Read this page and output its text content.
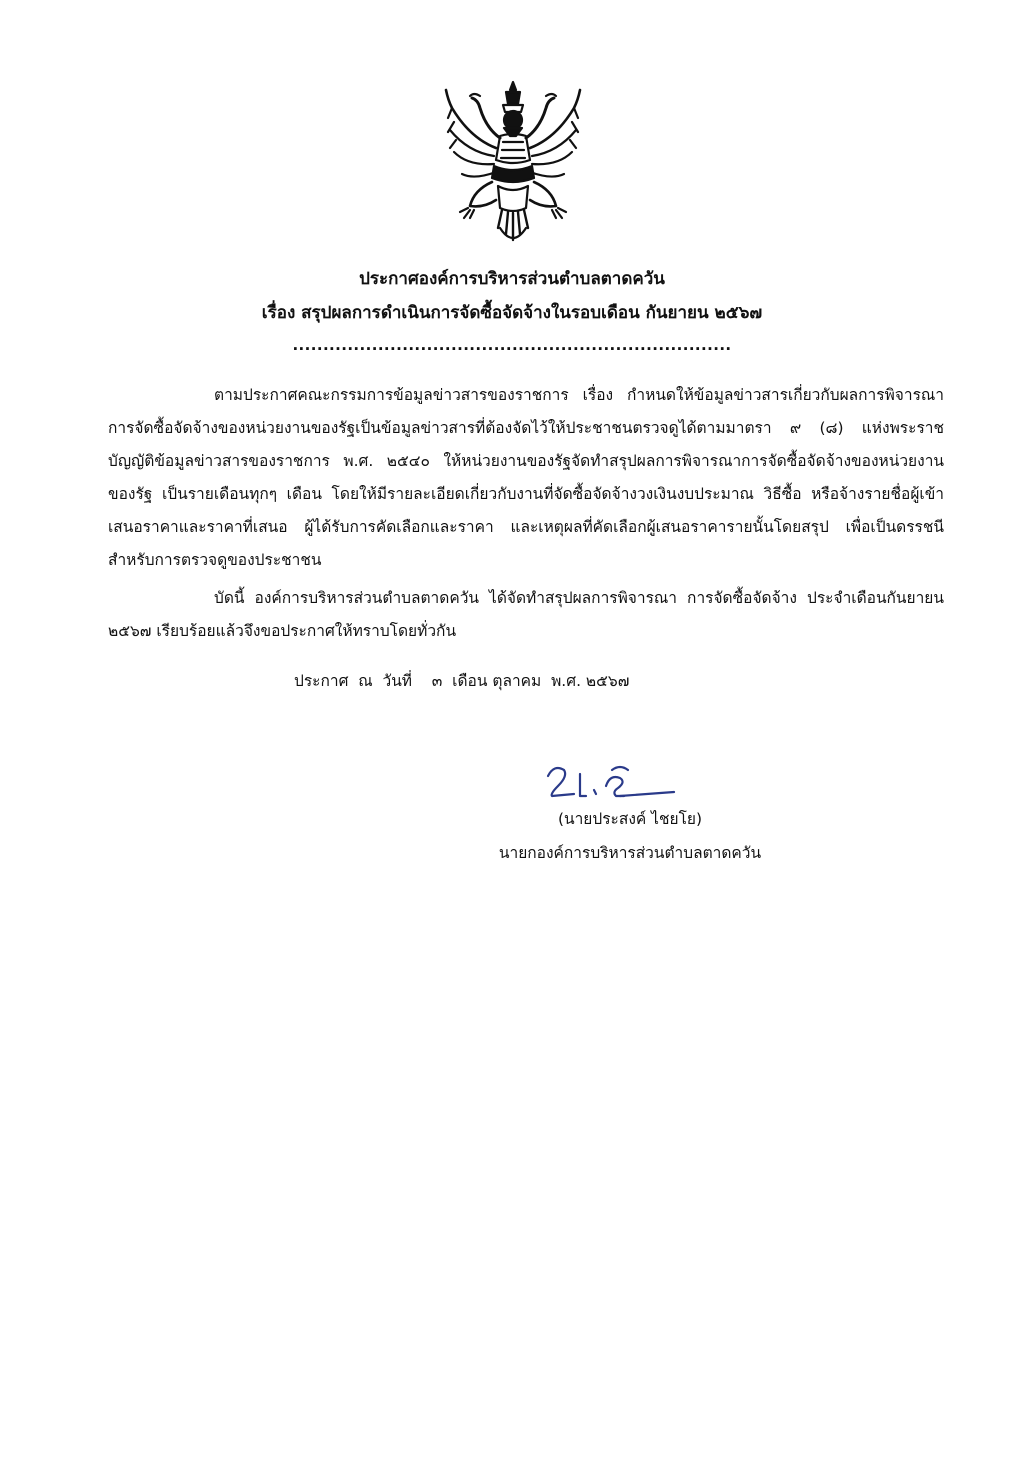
ประกาศองค์การบริหารส่วนตำบลตาดควัน
เรื่อง สรุปผลการดำเนินการจัดซื้อจัดจ้างในรอบเดือน กันยายน ๒๕๖๗
........................................................................

ตามประกาศคณะกรรมการข้อมูลข่าวสารของราชการ เรื่อง กำหนดให้ข้อมูลข่าวสารเกี่ยวกับผลการพิจารณาการจัดซื้อจัดจ้างของหน่วยงานของรัฐเป็นข้อมูลข่าวสารที่ต้องจัดไว้ให้ประชาชนตรวจดูได้ตามมาตรา ๙ (๘) แห่งพระราชบัญญัติข้อมูลข่าวสารของราชการ พ.ศ. ๒๕๔๐ ให้หน่วยงานของรัฐจัดทำสรุปผลการพิจารณาการจัดซื้อจัดจ้างของหน่วยงานของรัฐ เป็นรายเดือนทุกๆ เดือน โดยให้มีรายละเอียดเกี่ยวกับงานที่จัดซื้อจัดจ้างวงเงินงบประมาณ วิธีซื้อ หรือจ้างรายชื่อผู้เข้าเสนอราคาและราคาที่เสนอ ผู้ได้รับการคัดเลือกและราคา และเหตุผลที่คัดเลือกผู้เสนอราคารายนั้นโดยสรุป เพื่อเป็นดรรชนีสำหรับการตรวจดูของประชาชน

บัดนี้ องค์การบริหารส่วนตำบลตาดควัน ได้จัดทำสรุปผลการพิจารณา การจัดซื้อจัดจ้าง ประจำเดือนกันยายน ๒๕๖๗ เรียบร้อยแล้วจึงขอประกาศให้ทราบโดยทั่วกัน

ประกาศ  ณ  วันที่    ๓  เดือน ตุลาคม  พ.ศ. ๒๕๖๗
(นายประสงค์ ไชยโย)
นายกองค์การบริหารส่วนตำบลตาดควัน
